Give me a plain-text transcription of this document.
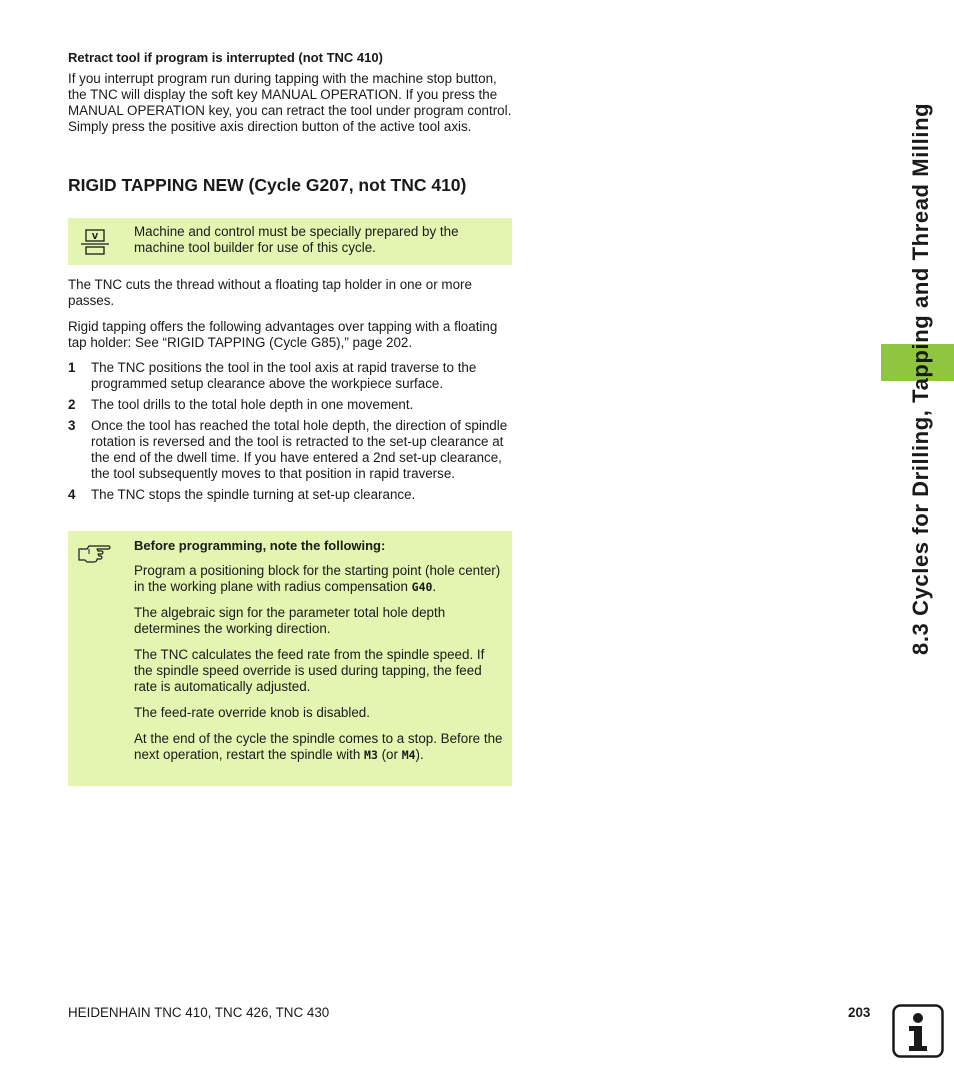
Retract tool if program is interrupted (not TNC 410)

If you interrupt program run during tapping with the machine stop button, the TNC will display the soft key MANUAL OPERATION. If you press the MANUAL OPERATION key, you can retract the tool under program control. Simply press the positive axis direction button of the active tool axis.

RIGID TAPPING NEW (Cycle G207, not TNC 410)
V	Machine and control must be specially prepared by the machine tool builder for use of this cycle.

The TNC cuts the thread without a floating tap holder in one or more passes.

Rigid tapping offers the following advantages over tapping with a floating tap holder: See “RIGID TAPPING (Cycle G85),” page 202.

1 The TNC positions the tool in the tool axis at rapid traverse to the programmed setup clearance above the workpiece surface.
2 The tool drills to the total hole depth in one movement.
3 Once the tool has reached the total hole depth, the direction of spindle rotation is reversed and the tool is retracted to the set-up clearance at the end of the dwell time. If you have entered a 2nd set-up clearance, the tool subsequently moves to that position in rapid traverse.
4 The TNC stops the spindle turning at set-up clearance.

Before programming, note the following:

Program a positioning block for the starting point (hole center) in the working plane with radius compensation G40.

The algebraic sign for the parameter total hole depth determines the working direction.

The TNC calculates the feed rate from the spindle speed. If the spindle speed override is used during tapping, the feed rate is automatically adjusted.

The feed-rate override knob is disabled.

At the end of the cycle the spindle comes to a stop. Before the next operation, restart the spindle with M3 (or M4).

8.3 Cycles for Drilling, Tapping and Thread Milling
HEIDENHAIN TNC 410, TNC 426, TNC 430	203
